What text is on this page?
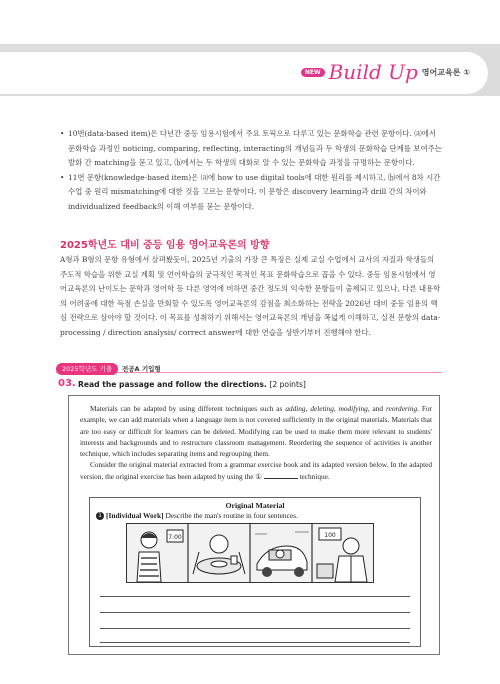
NEW Build Up 영어교육론 ①
• 10번(data-based item)은 다년간 중등 임용시험에서 주요 토픽으로 다루고 있는 문화학습 관련 문항이다. ⒜에서 문화학습 과정인 noticing, comparing, reflecting, interacting의 개념들과 두 학생의 문화학습 단계를 보여주는 발화 간 matching을 묻고 있고, ⒝에서는 두 학생의 대화로 알 수 있는 문화학습 과정을 규명하는 문항이다.
• 11번 문항(knowledge-based item)은 ⒜에 how to use digital tools에 대한 원리를 제시하고, ⒝에서 8차 시간 수업 중 원리 mismatching에 대한 것을 고르는 문항이다. 이 문항은 discovery learning과 drill 간의 차이와 individualized feedback의 이해 여부를 묻는 문항이다.
2025학년도 대비 중등 임용 영어교육론의 방향
A형과 B형의 문항 유형에서 살펴봤듯이, 2025년 기출의 가장 큰 특징은 실제 교실 수업에서 교사의 자질과 학생들의 주도적 학습을 위한 교실 계획 및 언어학습의 궁극적인 목적인 목표 문화학습으로 꼽을 수 있다. 중등 임용시험에서 영어교육론의 난이도는 문학과 영어학 등 다른 영역에 비하면 중간 정도의 익숙한 문항들이 출제되고 있으나, 다른 내용학의 어려움에 대한 득점 손실을 만회할 수 있도록 영어교육론의 감점을 최소화하는 전략을 2026년 대비 중등 임용의 핵심 전략으로 삼아야 할 것이다. 이 목표를 성취하기 위해서는 영어교육론의 개념을 폭넓게 이해하고, 실전 문항의 data-processing / direction analysis/ correct answer에 대한 연습을 상반기부터 진행해야 한다.
2025학년도 기출	전공A 기입형
03. Read the passage and follow the directions. [2 points]

Materials can be adapted by using different techniques such as adding, deleting, modifying, and reordering. For example, we can add materials when a language item is not covered sufficiently in the original materials. Materials that are too easy or difficult for learners can be deleted. Modifying can be used to make them more relevant to students' interests and backgrounds and to restructure classroom management. Reordering the sequence of activities is another technique, which includes separating items and regrouping them.

Consider the original material extracted from a grammar exercise book and its adapted version below. In the adapted version, the original exercise has been adapted by using the ①	technique.

Original Material
1 [Individual Work] Describe the man's routine in four sentences.
7:00	100
